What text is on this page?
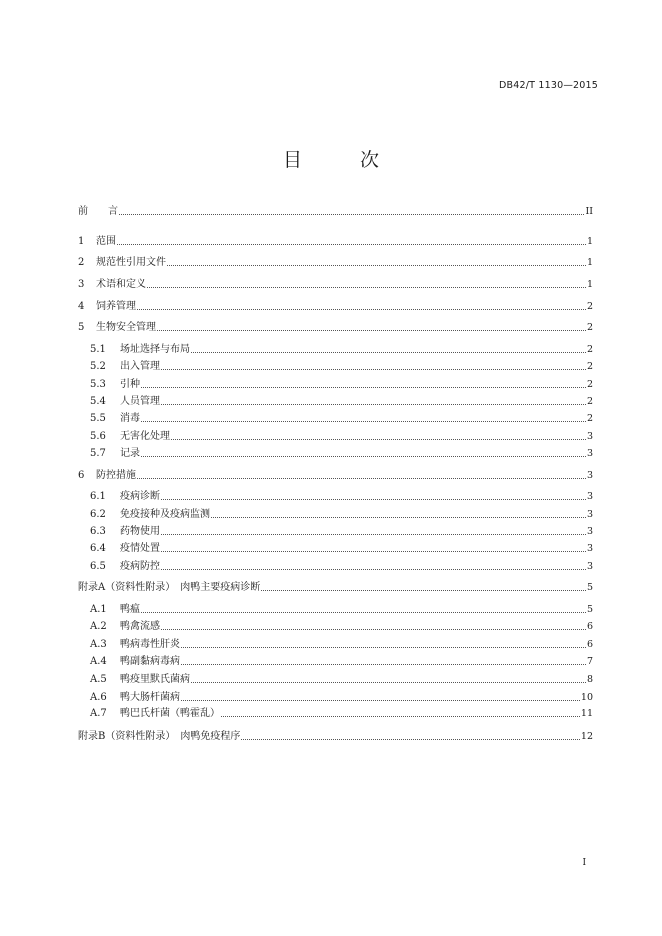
DB42/T 1130—2015
目 次
前　　言	II
1	范围	1
2	规范性引用文件	1
3	术语和定义	1
4	饲养管理	2
5	生物安全管理	2
5.1	场址选择与布局	2
5.2	出入管理	2
5.3	引种	2
5.4	人员管理	2
5.5	消毒	2
5.6	无害化处理	3
5.7	记录	3
6	防控措施	3
6.1	疫病诊断	3
6.2	免疫接种及疫病监测	3
6.3	药物使用	3
6.4	疫情处置	3
6.5	疫病防控	3
附录A（资料性附录）　肉鸭主要疫病诊断	5
A.1	鸭瘟	5
A.2	鸭禽流感	6
A.3	鸭病毒性肝炎	6
A.4	鸭副黏病毒病	7
A.5	鸭疫里默氏菌病	8
A.6	鸭大肠杆菌病	10
A.7	鸭巴氏杆菌（鸭霍乱）	11
附录B（资料性附录）　肉鸭免疫程序	12
I
